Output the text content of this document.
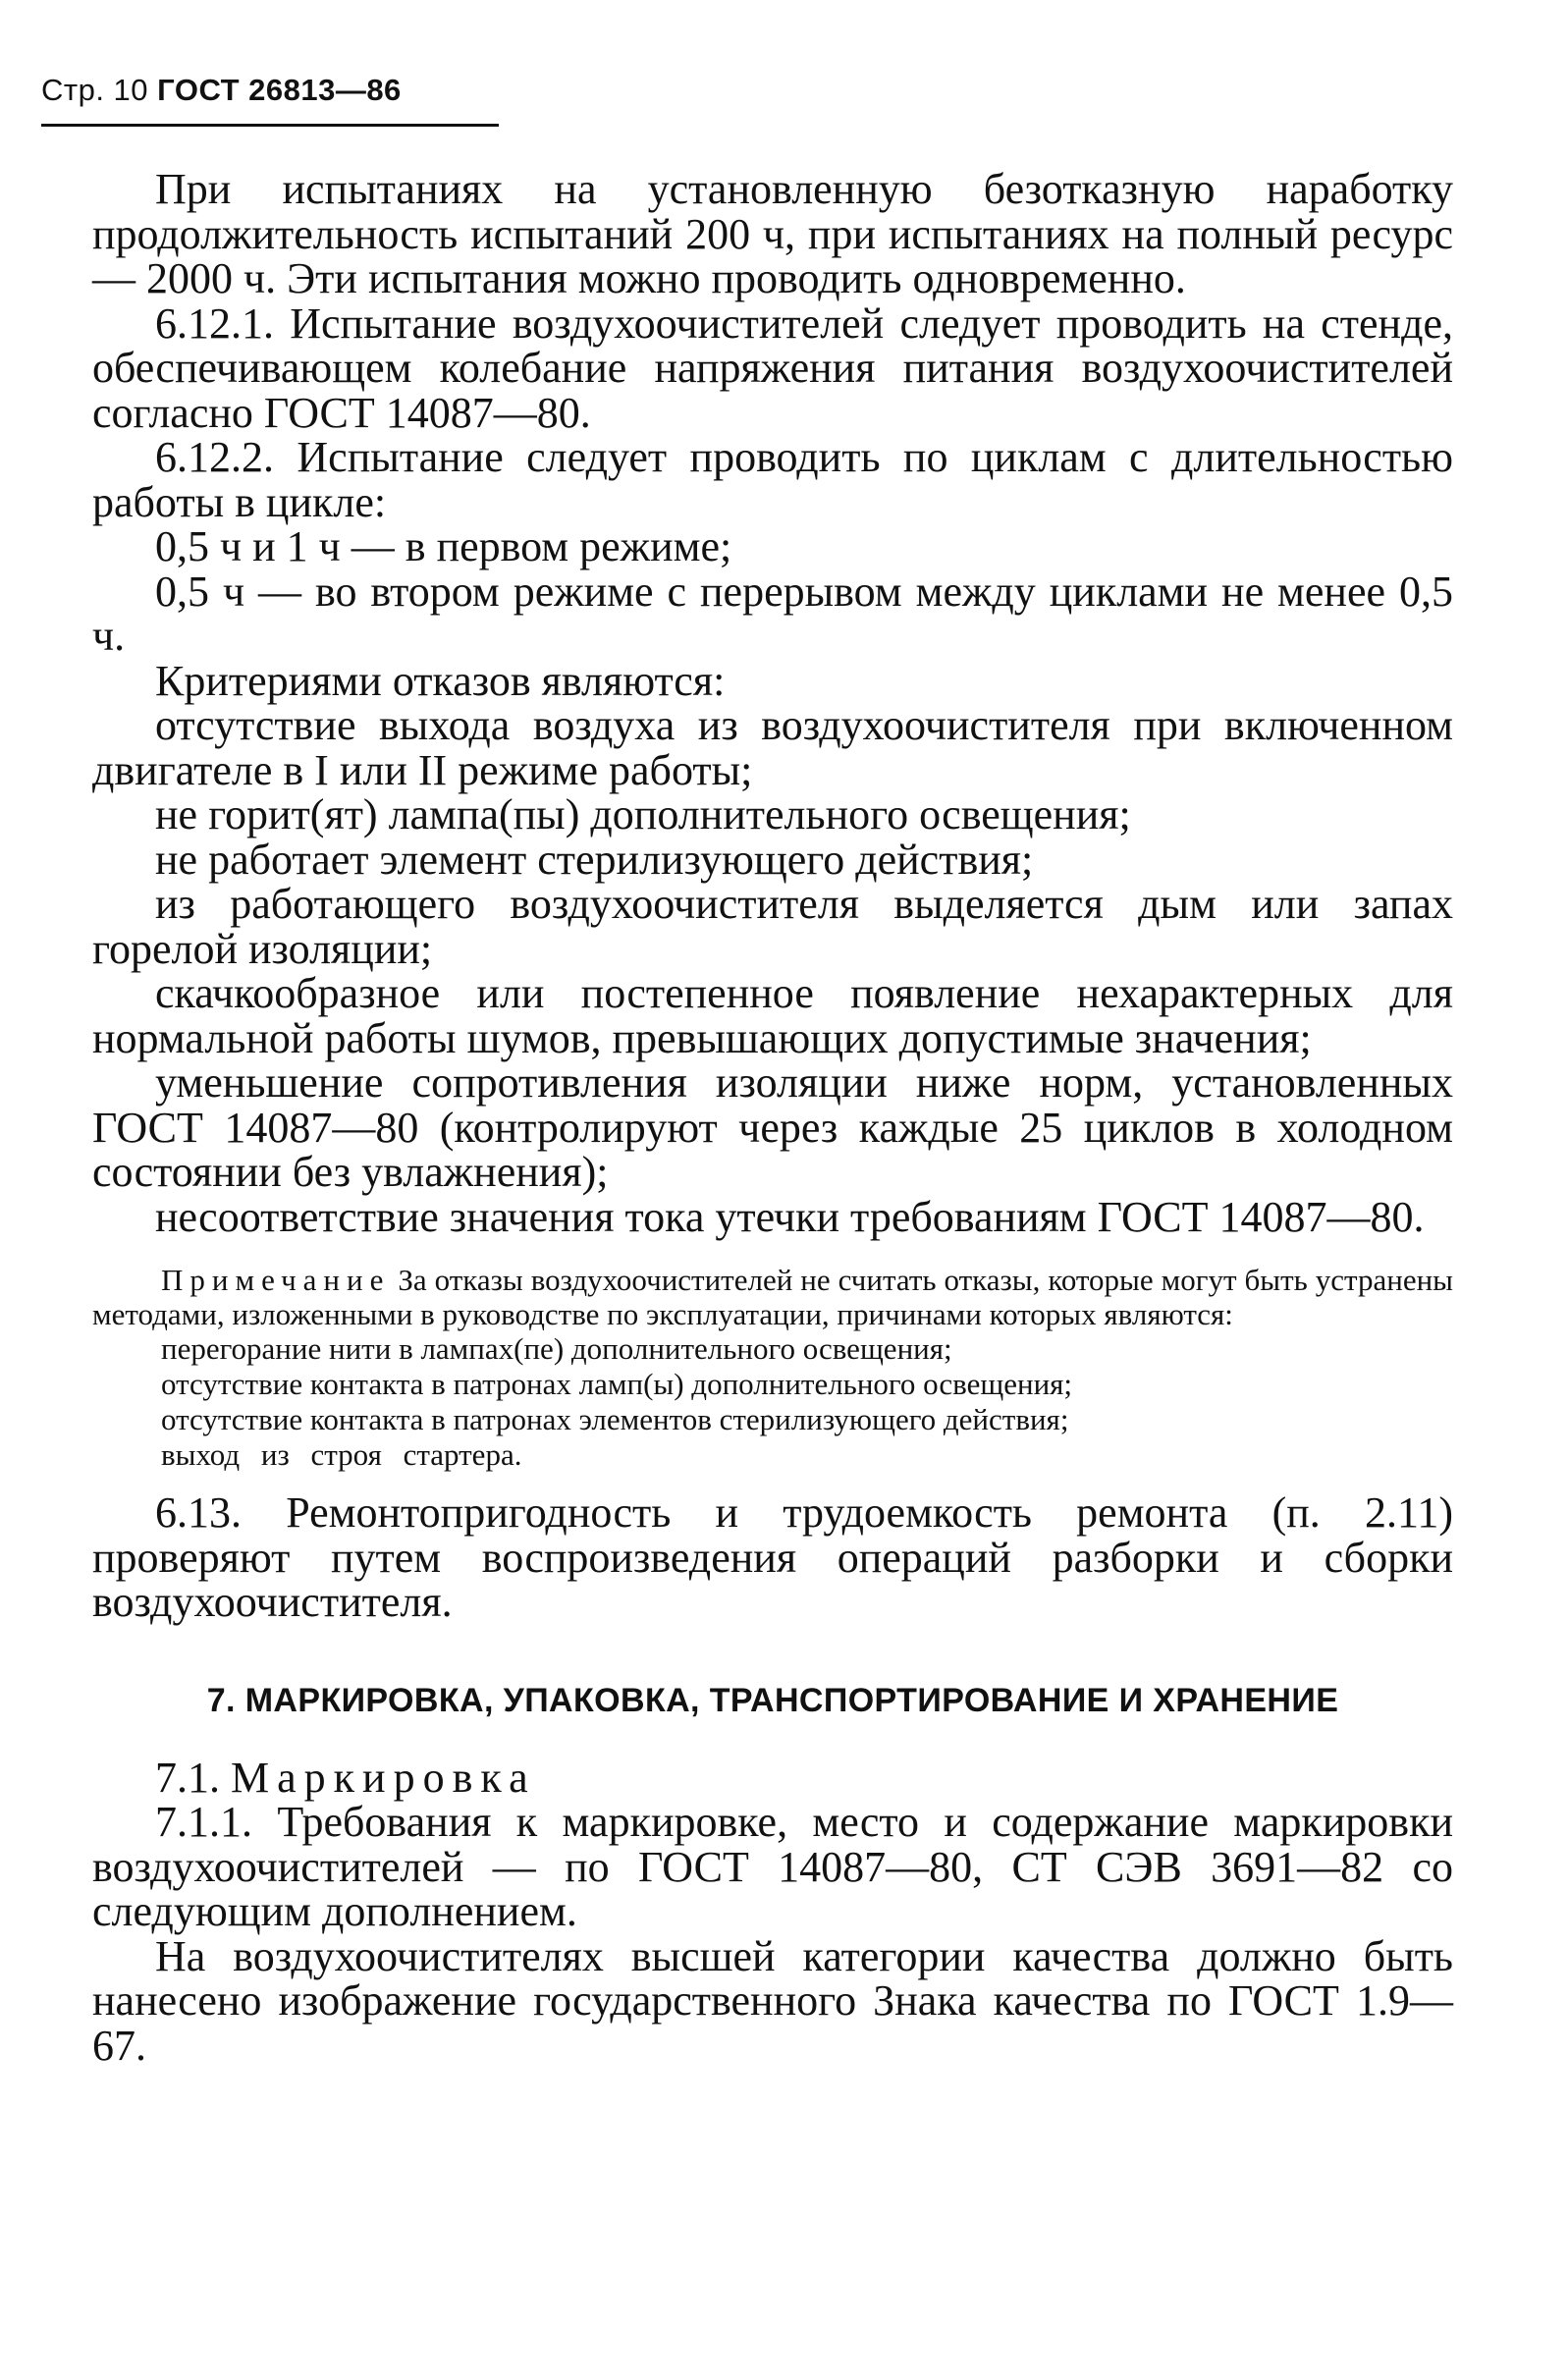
Стр. 10 ГОСТ 26813—86

При испытаниях на установленную безотказную наработку продолжительность испытаний 200 ч, при испытаниях на полный ресурс — 2000 ч. Эти испытания можно проводить одновременно.

6.12.1. Испытание воздухоочистителей следует проводить на стенде, обеспечивающем колебание напряжения питания воздухоочистителей согласно ГОСТ 14087—80.

6.12.2. Испытание следует проводить по циклам с длительностью работы в цикле:

0,5 ч и 1 ч — в первом режиме;

0,5 ч — во втором режиме с перерывом между циклами не менее 0,5 ч.

Критериями отказов являются:

отсутствие выхода воздуха из воздухоочистителя при включенном двигателе в I или II режиме работы;

не горит(ят) лампа(пы) дополнительного освещения;

не работает элемент стерилизующего действия;

из работающего воздухоочистителя выделяется дым или запах горелой изоляции;

скачкообразное или постепенное появление нехарактерных для нормальной работы шумов, превышающих допустимые значения;

уменьшение сопротивления изоляции ниже норм, установленных ГОСТ 14087—80 (контролируют через каждые 25 циклов в холодном состоянии без увлажнения);

несоответствие значения тока утечки требованиям ГОСТ 14087—80.

Примечание За отказы воздухоочистителей не считать отказы, которые могут быть устранены методами, изложенными в руководстве по эксплуатации, причинами которых являются:

перегорание нити в лампах(пе) дополнительного освещения;

отсутствие контакта в патронах ламп(ы) дополнительного освещения;

отсутствие контакта в патронах элементов стерилизующего действия;

выход из строя стартера.

6.13. Ремонтопригодность и трудоемкость ремонта (п. 2.11) проверяют путем воспроизведения операций разборки и сборки воздухоочистителя.

7. МАРКИРОВКА, УПАКОВКА, ТРАНСПОРТИРОВАНИЕ И ХРАНЕНИЕ

7.1. Маркировка

7.1.1. Требования к маркировке, место и содержание маркировки воздухоочистителей — по ГОСТ 14087—80, СТ СЭВ 3691—82 со следующим дополнением.

На воздухоочистителях высшей категории качества должно быть нанесено изображение государственного Знака качества по ГОСТ 1.9—67.
